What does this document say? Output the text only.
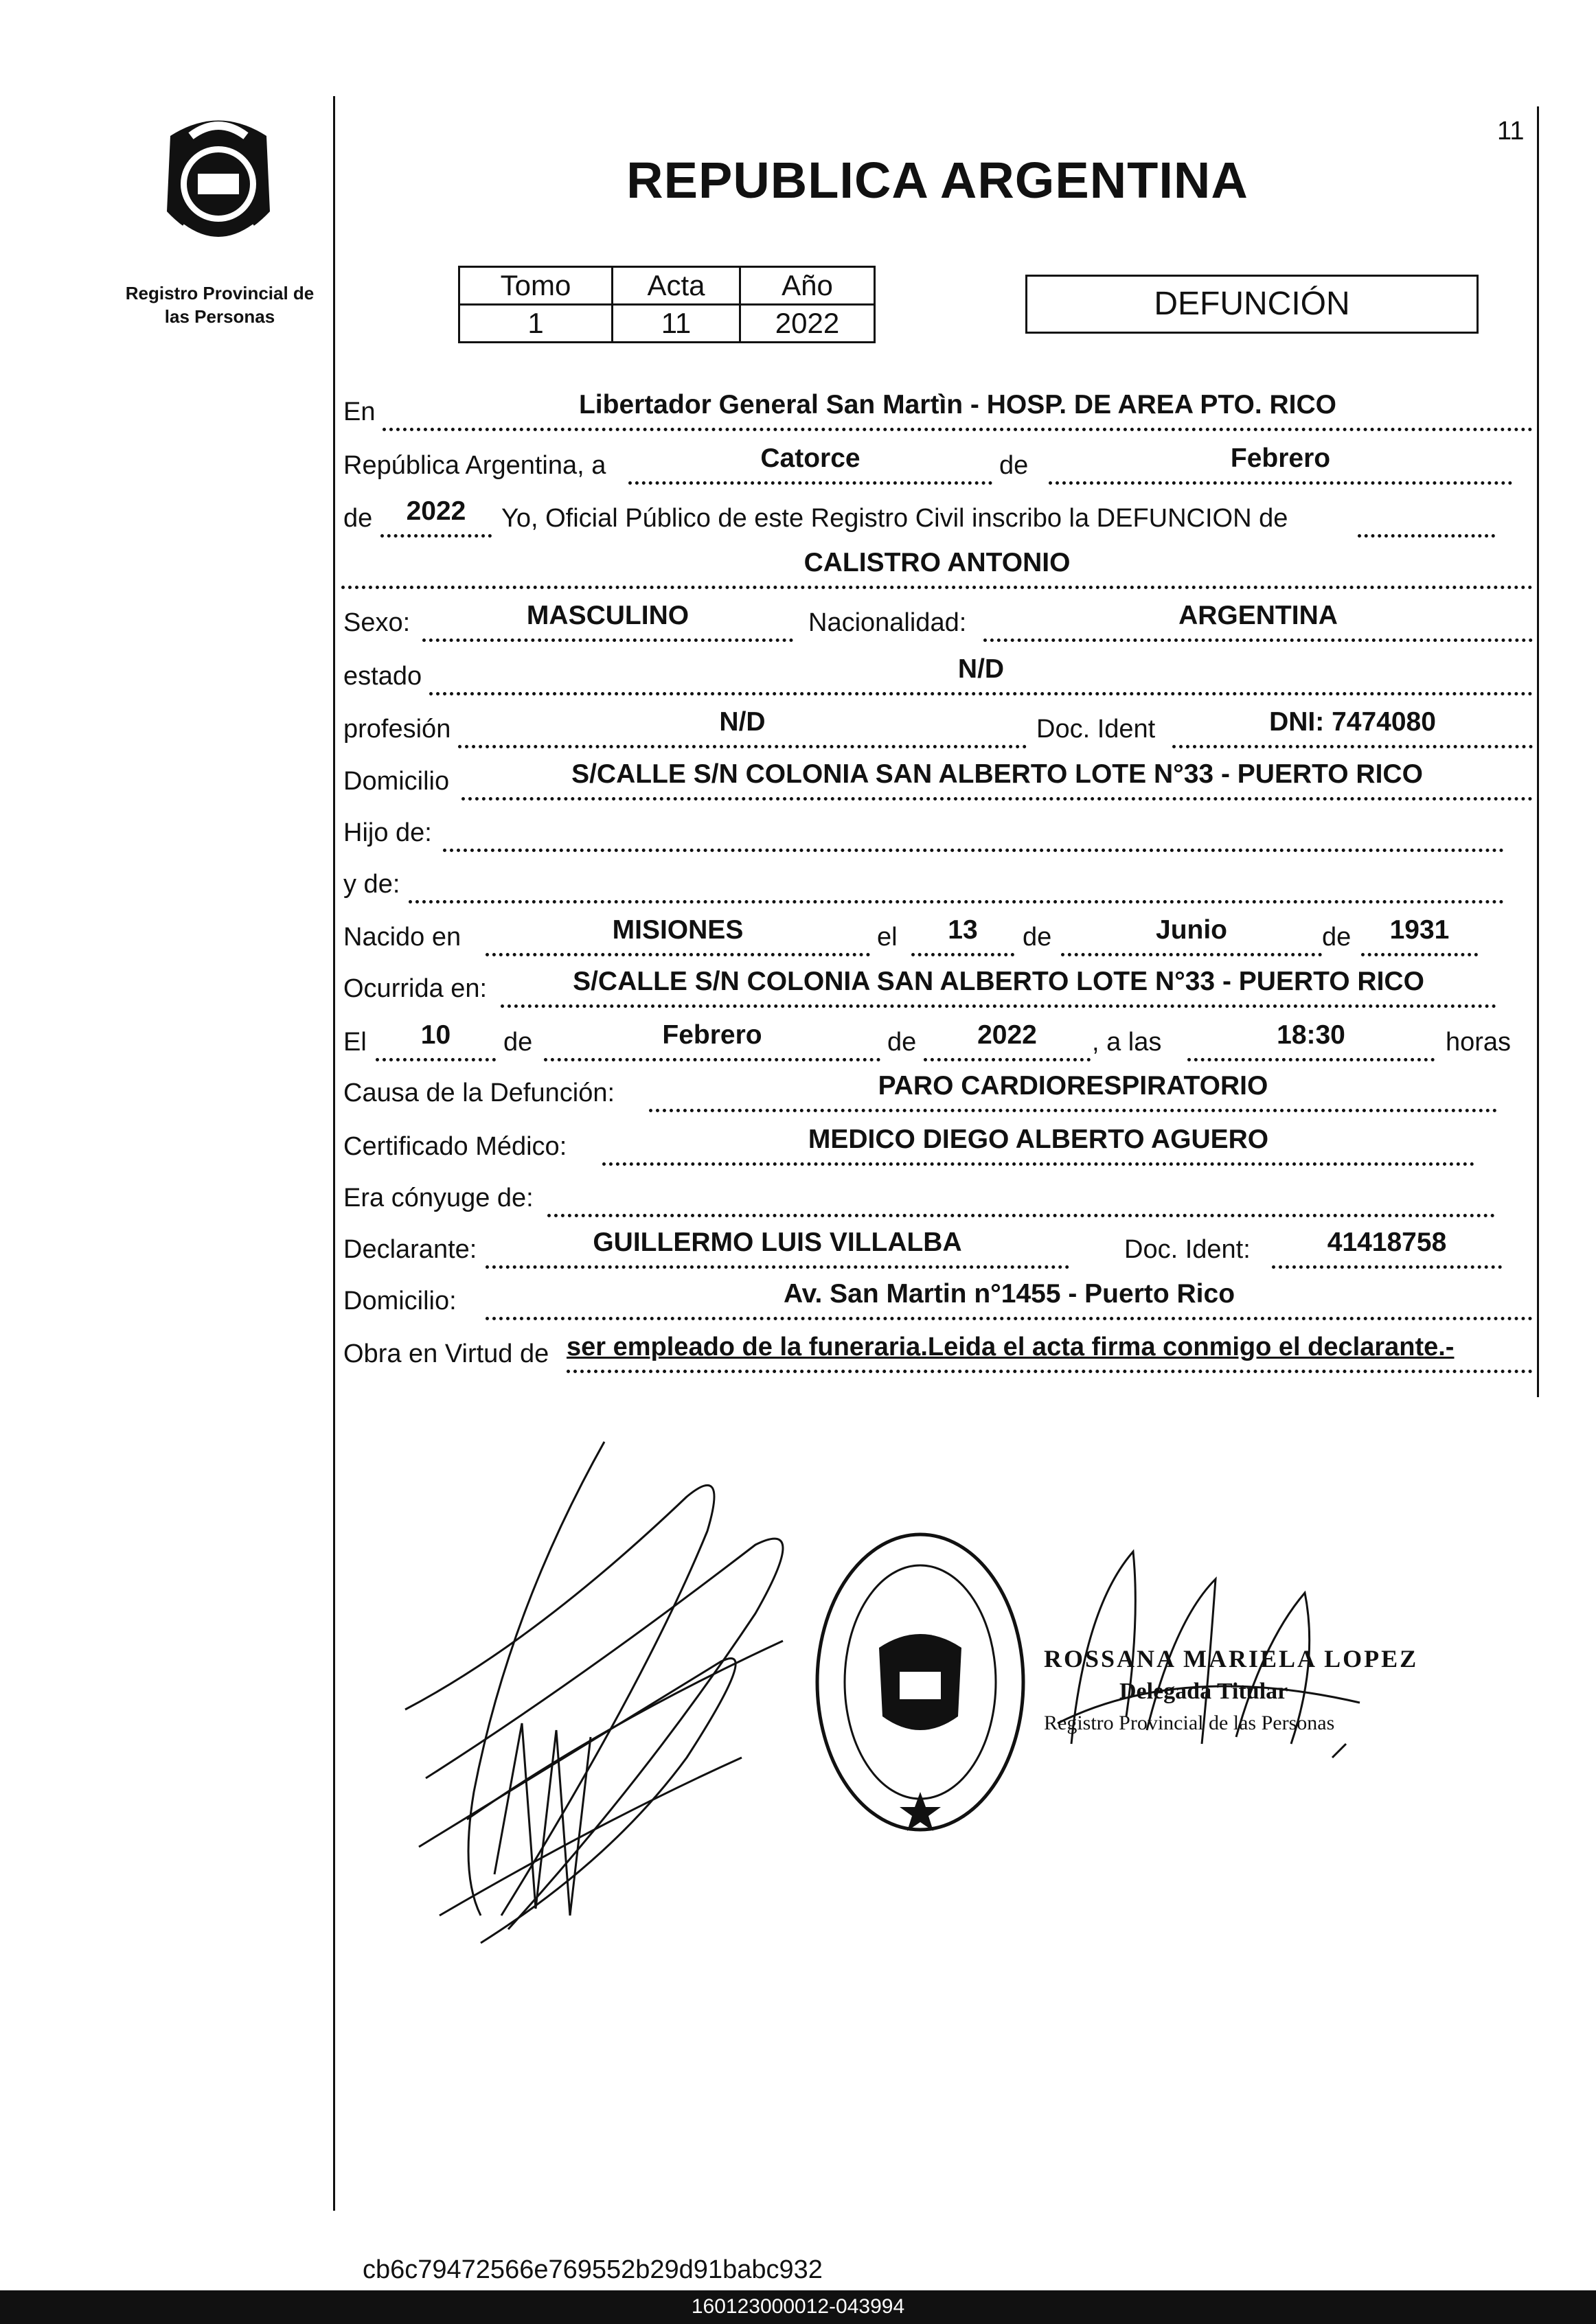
11
Registro Provincial de
las Personas
REPUBLICA ARGENTINA
Tomo	Acta	Año
1	11	2022
DEFUNCIÓN
En	Libertador General San Martìn - HOSP. DE AREA PTO. RICO
República Argentina, a	Catorce	de	Febrero
de	2022	Yo, Oficial Público de este Registro Civil inscribo la DEFUNCION de
CALISTRO ANTONIO
Sexo:	MASCULINO	Nacionalidad:	ARGENTINA
estado	N/D
profesión	N/D	Doc. Ident	DNI: 7474080
Domicilio	S/CALLE S/N COLONIA SAN ALBERTO LOTE N°33 - PUERTO RICO
Hijo de:
y de:
Nacido en	MISIONES	el	13	de	Junio	de	1931
Ocurrida en:	S/CALLE S/N COLONIA SAN ALBERTO LOTE N°33 - PUERTO RICO
El	10	de	Febrero	de	2022	, a las	18:30	horas
Causa de la Defunción:	PARO CARDIORESPIRATORIO
Certificado Médico:	MEDICO DIEGO ALBERTO AGUERO
Era cónyuge de:
Declarante:	GUILLERMO LUIS VILLALBA	Doc. Ident:	41418758
Domicilio:	Av. San Martin n°1455 - Puerto Rico
Obra en Virtud de ser empleado de la funeraria.Leida el acta firma conmigo el declarante.-
ROSSANA MARIELA LOPEZ
Delegada Titular
Registro Provincial de las Personas
cb6c79472566e769552b29d91babc932
160123000012-043994
